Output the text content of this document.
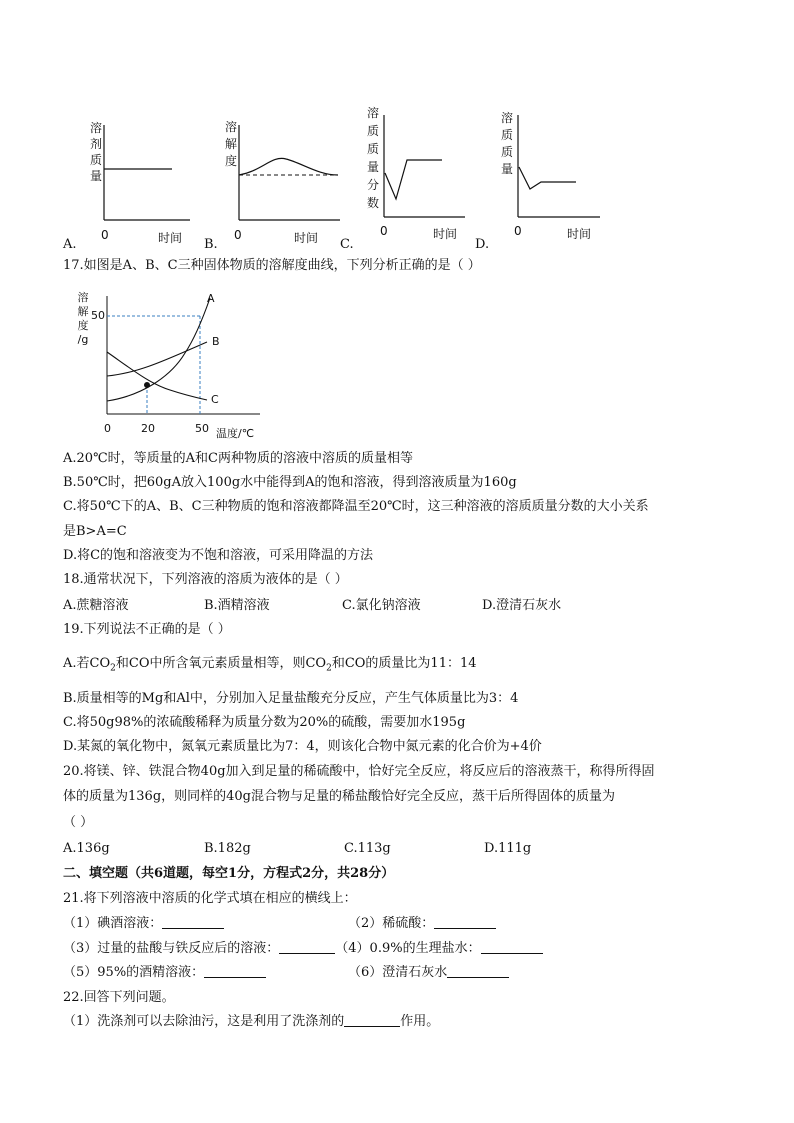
溶
剂
质
量
0	时间
A.
溶
解
度
0	时间
B.
溶
质
质
量
分
数
0	时间
C.
溶
质
质
量
0	时间
D.
17.如图是A、B、C三种固体物质的溶解度曲线，下列分析正确的是（ ）
溶
解
度
/g
50
0	20	50 温度/℃
A
B
C
A.20℃时，等质量的A和C两种物质的溶液中溶质的质量相等
B.50℃时，把60gA放入100g水中能得到A的饱和溶液，得到溶液质量为160g
C.将50℃下的A、B、C三种物质的饱和溶液都降温至20℃时，这三种溶液的溶质质量分数的大小关系
是B>A=C
D.将C的饱和溶液变为不饱和溶液，可采用降温的方法
18.通常状况下，下列溶液的溶质为液体的是（ ）
A.蔗糖溶液	B.酒精溶液	C.氯化钠溶液	D.澄清石灰水
19.下列说法不正确的是（ ）
A.若$CO_2$和CO中所含氧元素质量相等，则$CO_2$和CO的质量比为11：14
B.质量相等的Mg和Al中，分别加入足量盐酸充分反应，产生气体质量比为3：4
C.将50g98%的浓硫酸稀释为质量分数为20%的硫酸，需要加水195g
D.某氮的氧化物中，氮氧元素质量比为7：4，则该化合物中氮元素的化合价为+4价
20.将镁、锌、铁混合物40g加入到足量的稀硫酸中，恰好完全反应，将反应后的溶液蒸干，称得所得固
体的质量为136g，则同样的40g混合物与足量的稀盐酸恰好完全反应，蒸干后所得固体的质量为
（ ）
A.136g	B.182g	C.113g	D.111g
二、填空题（共6道题，每空1分，方程式2分，共28分）
21.将下列溶液中溶质的化学式填在相应的横线上：
（1）碘酒溶液：	（2）稀硫酸：
（3）过量的盐酸与铁反应后的溶液：	（4）0.9%的生理盐水：
（5）95%的酒精溶液：	（6）澄清石灰水
22.回答下列问题。
（1）洗涤剂可以去除油污，这是利用了洗涤剂的	作用。
